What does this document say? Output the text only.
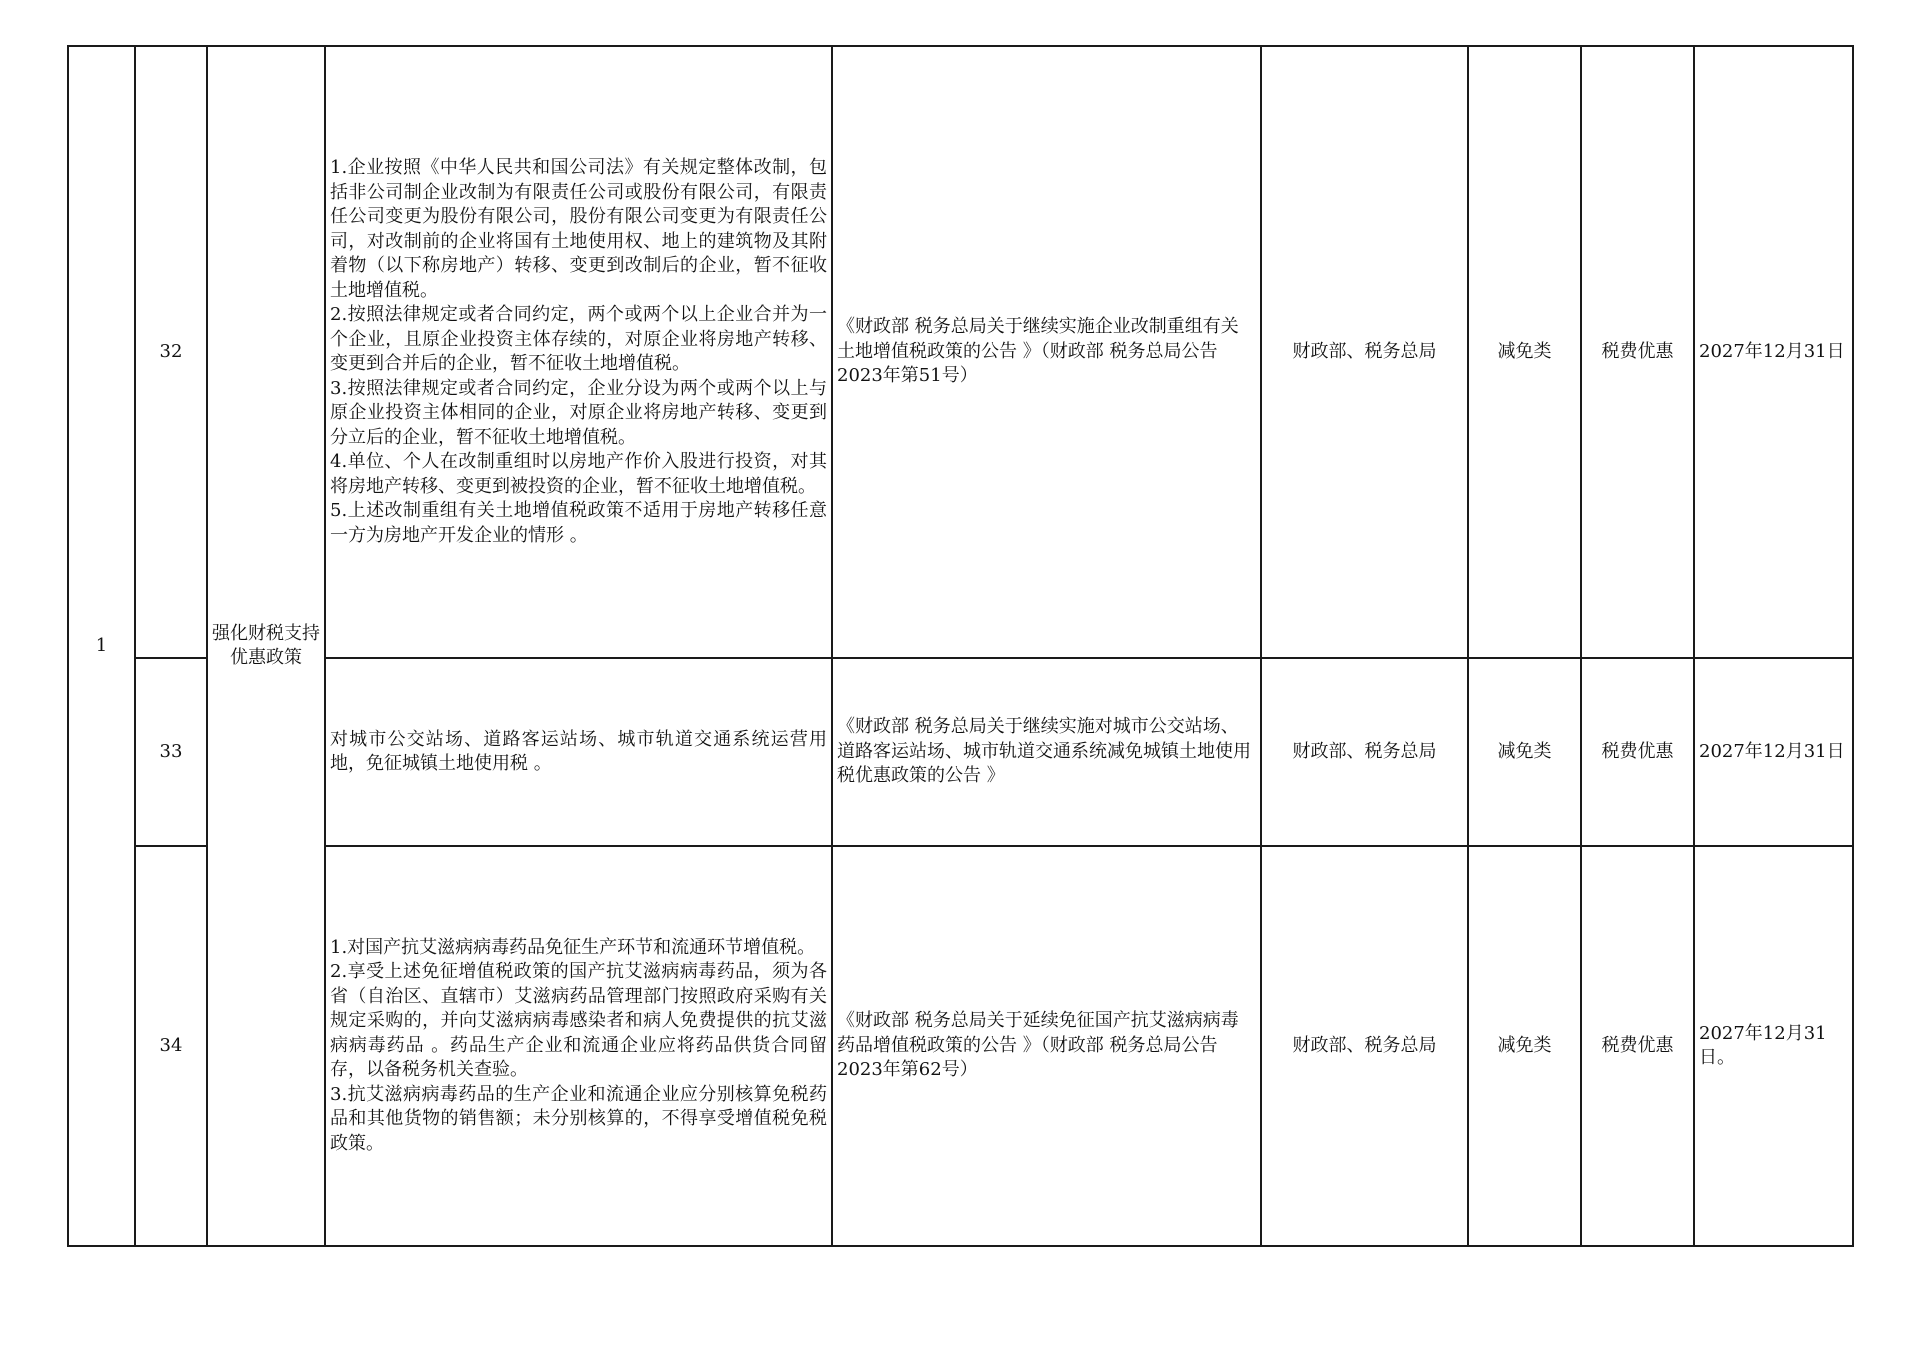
1	32	强化财税支持优惠政策	1.企业按照《中华人民共和国公司法》有关规定整体改制，包括非公司制企业改制为有限责任公司或股份有限公司，有限责任公司变更为股份有限公司，股份有限公司变更为有限责任公司，对改制前的企业将国有土地使用权、地上的建筑物及其附着物（以下称房地产）转移、变更到改制后的企业，暂不征收土地增值税。
2.按照法律规定或者合同约定，两个或两个以上企业合并为一个企业，且原企业投资主体存续的，对原企业将房地产转移、变更到合并后的企业，暂不征收土地增值税。
3.按照法律规定或者合同约定，企业分设为两个或两个以上与原企业投资主体相同的企业，对原企业将房地产转移、变更到分立后的企业，暂不征收土地增值税。
4.单位、个人在改制重组时以房地产作价入股进行投资，对其将房地产转移、变更到被投资的企业，暂不征收土地增值税。
5.上述改制重组有关土地增值税政策不适用于房地产转移任意一方为房地产开发企业的情形 。	《财政部 税务总局关于继续实施企业改制重组有关土地增值税政策的公告 》（财政部 税务总局公告2023年第51号）	财政部、税务总局	减免类	税费优惠	2027年12月31日
	33		对城市公交站场、道路客运站场、城市轨道交通系统运营用地，免征城镇土地使用税 。	《财政部 税务总局关于继续实施对城市公交站场、道路客运站场、城市轨道交通系统减免城镇土地使用税优惠政策的公告 》	财政部、税务总局	减免类	税费优惠	2027年12月31日
	34		1.对国产抗艾滋病病毒药品免征生产环节和流通环节增值税。
2.享受上述免征增值税政策的国产抗艾滋病病毒药品，须为各省（自治区、直辖市）艾滋病药品管理部门按照政府采购有关规定采购的，并向艾滋病病毒感染者和病人免费提供的抗艾滋病病毒药品 。药品生产企业和流通企业应将药品供货合同留存，以备税务机关查验。
3.抗艾滋病病毒药品的生产企业和流通企业应分别核算免税药品和其他货物的销售额；未分别核算的，不得享受增值税免税政策。	《财政部 税务总局关于延续免征国产抗艾滋病病毒药品增值税政策的公告 》（财政部 税务总局公告2023年第62号）	财政部、税务总局	减免类	税费优惠	2027年12月31日。
